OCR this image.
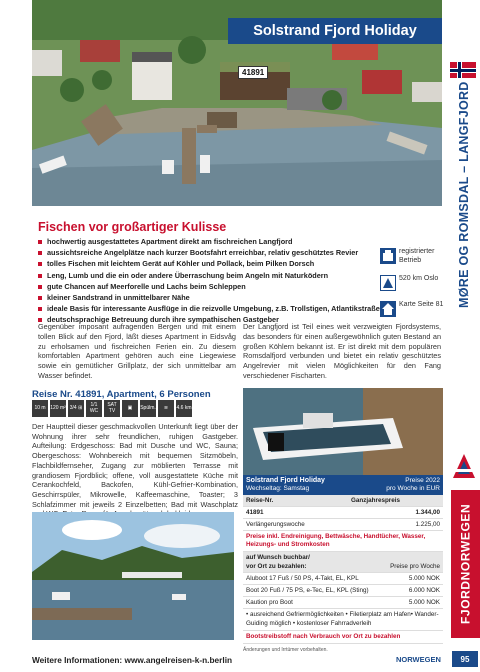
Solstrand Fjord Holiday
41891
MØRE OG ROMSDAL – LANGFJORD
FJORDNORWEGEN
Fischen vor großartiger Kulisse
hochwertig ausgestattetes Apartment direkt am fischreichen Langfjord
aussichtsreiche Angelplätze nach kurzer Bootsfahrt erreichbar, relativ geschütztes Revier
tolles Fischen mit leichtem Gerät auf Köhler und Pollack, beim Pilken Dorsch
Leng, Lumb und die ein oder andere Überraschung beim Angeln mit Naturködern
gute Chancen auf Meerforelle und Lachs beim Schleppen
kleiner Sandstrand in unmittelbarer Nähe
ideale Basis für interessante Ausflüge in die reizvolle Umgebung, z.B. Trollstigen, Atlantikstraße
deutschsprachige Betreuung durch ihre sympathischen Gastgeber
registrierter Betrieb
520 km Oslo
Karte Seite 81
Gegenüber imposant aufragenden Bergen und mit einem tollen Blick auf den Fjord, läßt dieses Apartment in Eidsvåg zu erholsamen und fischreichen Ferien ein. Zu diesem komfortablen Apartment gehören auch eine Liegewiese sowie ein gemütlicher Grillplatz, der sich unmittelbar am Wasser befindet.
Der Langfjord ist Teil eines weit verzweigten Fjordsystems, das besonders für einen außergewöhnlich guten Bestand an großen Köhlern bekannt ist. Er ist direkt mit dem populären Romsdalfjord verbunden und bietet ein relativ geschütztes Angelrevier mit vielen Möglichkeiten für den Fang verschiedener Fischarten.
Reise Nr. 41891, Apartment, 6 Personen
10 m 120 m² 3/4 ⊞	1/1 WC
SAT TV	▣	Spülm.	≋	4.6 km
Der Hauptteil dieser geschmackvollen Unterkunft liegt über der Wohnung ihrer sehr freundlichen, ruhigen Gastgeber. Aufteilung: Erdgeschoss: Bad mit Dusche und WC, Sauna; Obergeschoss: Wohnbereich mit bequemen Sitzmöbeln, Flachbildfernseher, Zugang zur möblierten Terrasse mit grandiosem Fjordblick; offene, voll ausgestattete Küche mit Cerankochfeld, Backofen, Kühl-Gefrier-Kombination, Geschirrspüler, Mikrowelle, Kaffeemaschine, Toaster; 3 Schlafzimmer mit jeweils 2 Einzelbetten; Bad mit Waschplatz
Solstrand Fjord Holiday
Wechseltag: Samstag
Preise 2022
pro Woche in EUR
Reise-Nr.	Ganzjahrespreis
41891	1.344,00
Verlängerungswoche	1.225,00
Preise inkl. Endreinigung, Bettwäsche, Handtücher, Wasser, Heizungs- und Stromkosten
auf Wunsch buchbar/
vor Ort zu bezahlen:	Preise pro Woche
Aluboot 17 Fuß / 50 PS, 4-Takt, EL, KPL	5.000 NOK
Boot 20 Fuß / 75 PS, e-Tec, EL, KPL (Sting)	6.000 NOK
Kaution pro Boot	5.000 NOK
• ausreichend Gefriermöglichkeiten • Filetierplatz am Hafen• Wander-Guiding möglich • kostenloser Fahrradverleih
Bootstreibstoff nach Verbrauch vor Ort zu bezahlen
Änderungen und Irrtümer vorbehalten.
Weitere Informationen: www.angelreisen-k-n.berlin	NORWEGEN	95
